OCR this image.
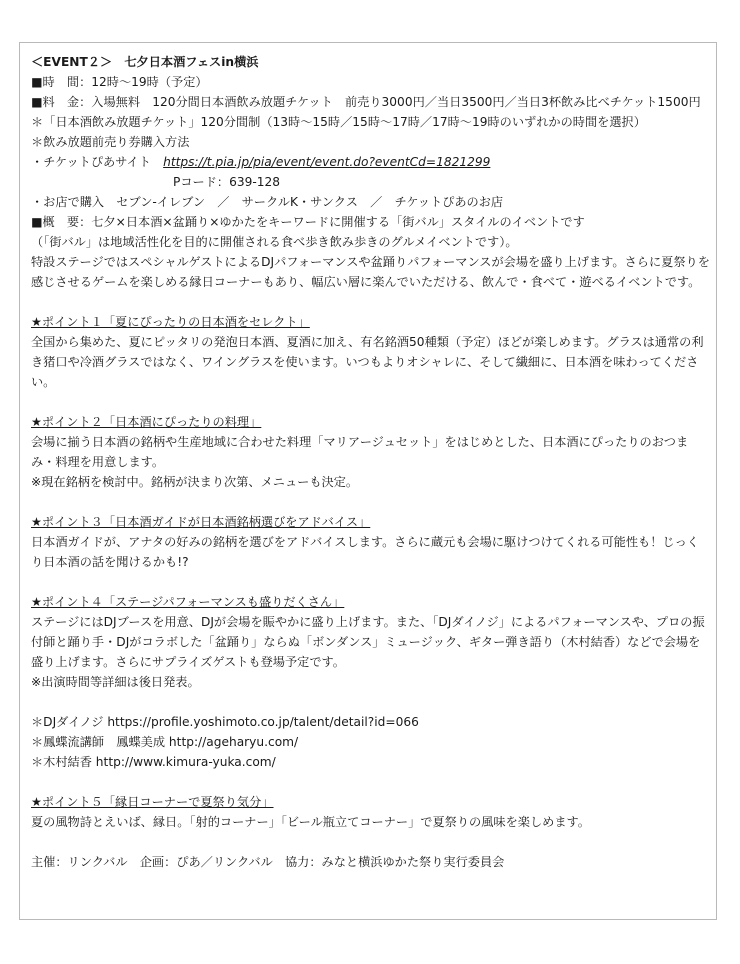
＜EVENT２＞　七夕日本酒フェスin横浜
■時　間：12時～19時（予定）
■料　金：入場無料　120分間日本酒飲み放題チケット　前売り3000円／当日3500円／当日3杯飲み比べチケット1500円
＊「日本酒飲み放題チケット」120分間制（13時～15時／15時～17時／17時～19時のいずれかの時間を選択）
＊飲み放題前売り券購入方法
・チケットぴあサイト　https://t.pia.jp/pia/event/event.do?eventCd=1821299
Pコード：639-128
・お店で購入　セブン-イレブン　／　サークルK・サンクス　／　チケットぴあのお店
■概　要：七夕×日本酒×盆踊り×ゆかたをキーワードに開催する「街バル」スタイルのイベントです
（「街バル」は地域活性化を目的に開催される食べ歩き飲み歩きのグルメイベントです）。
特設ステージではスペシャルゲストによるDJパフォーマンスや盆踊りパフォーマンスが会場を盛り上げます。さらに夏祭りを感じさせるゲームを楽しめる縁日コーナーもあり、幅広い層に楽んでいただける、飲んで・食べて・遊べるイベントです。
★ポイント１「夏にぴったりの日本酒をセレクト」
全国から集めた、夏にピッタリの発泡日本酒、夏酒に加え、有名銘酒50種類（予定）ほどが楽しめます。グラスは通常の利き猪口や冷酒グラスではなく、ワイングラスを使います。いつもよりオシャレに、そして繊細に、日本酒を味わってください。
★ポイント２「日本酒にぴったりの料理」
会場に揃う日本酒の銘柄や生産地域に合わせた料理「マリアージュセット」をはじめとした、日本酒にぴったりのおつまみ・料理を用意します。
※現在銘柄を検討中。銘柄が決まり次第、メニューも決定。
★ポイント３「日本酒ガイドが日本酒銘柄選びをアドバイス」
日本酒ガイドが、アナタの好みの銘柄を選びをアドバイスします。さらに蔵元も会場に駆けつけてくれる可能性も！じっくり日本酒の話を聞けるかも!?
★ポイント４「ステージパフォーマンスも盛りだくさん」
ステージにはDJブースを用意、DJが会場を賑やかに盛り上げます。また、「DJダイノジ」によるパフォーマンスや、プロの振付師と踊り手・DJがコラボした「盆踊り」ならぬ「ボンダンス」ミュージック、ギター弾き語り（木村結香）などで会場を盛り上げます。さらにサプライズゲストも登場予定です。
※出演時間等詳細は後日発表。
＊DJダイノジ https://profile.yoshimoto.co.jp/talent/detail?id=066
＊鳳蝶流講師　鳳蝶美成 http://ageharyu.com/
＊木村結香 http://www.kimura-yuka.com/
★ポイント５「縁日コーナーで夏祭り気分」
夏の風物詩とえいば、縁日。「射的コーナー」「ビール瓶立てコーナー」で夏祭りの風味を楽しめます。
主催：リンクバル　企画：ぴあ／リンクバル　協力：みなと横浜ゆかた祭り実行委員会
